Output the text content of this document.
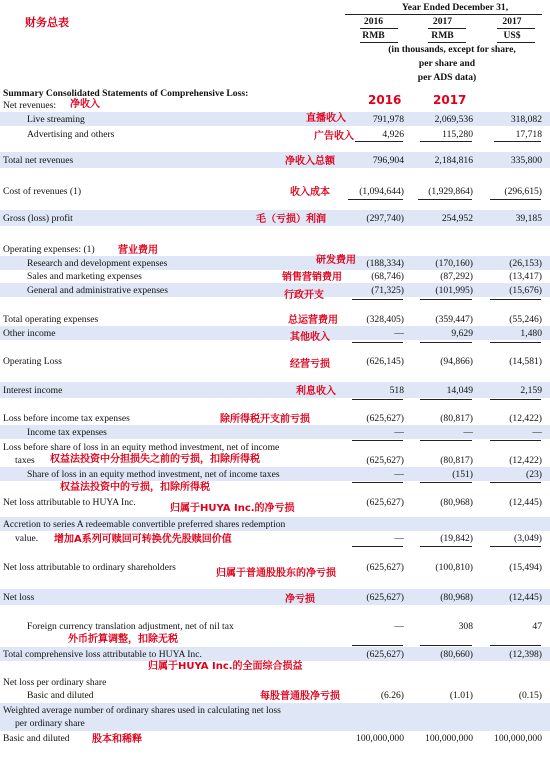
财务总表
Year Ended December 31,
2016	2017	2017
RMB	RMB	US$
(in thousands, except for share,
per share and
per ADS data)
Summary Consolidated Statements of Comprehensive Loss:
Net revenues: 净收入	2016	2017
Live streaming	直播收入	791,978	2,069,536	318,082
Advertising and others	广告收入	4,926	115,280	17,718
Total net revenues	净收入总额	796,904	2,184,816	335,800
Cost of revenues (1)	收入成本	(1,094,644)	(1,929,864)	(296,615)
Gross (loss) profit	毛（亏损）利润	(297,740)	254,952	39,185
Operating expenses: (1) 营业费用
Research and development expenses	研发费用	(188,334)	(170,160)	(26,153)
Sales and marketing expenses	销售营销费用	(68,746)	(87,292)	(13,417)
General and administrative expenses	行政开支	(71,325)	(101,995)	(15,676)
Total operating expenses	总运营费用	(328,405)	(359,447)	(55,246)
Other income	其他收入	—	9,629	1,480
Operating Loss	经营亏损	(626,145)	(94,866)	(14,581)
Interest income	利息收入	518	14,049	2,159
Loss before income tax expenses	除所得税开支前亏损	(625,627)	(80,817)	(12,422)
Income tax expenses	—	—	—
Loss before share of loss in an equity method investment, net of income
taxes 权益法投资中分担损失之前的亏损，扣除所得税	(625,627)	(80,817)	(12,422)
Share of loss in an equity method investment, net of income taxes
权益法投资中的亏损，扣除所得税
—	(151)	(23)
Net loss attributable to HUYA Inc.
归属于HUYA Inc.的净亏损
(625,627)	(80,968)	(12,445)
Accretion to series A redeemable convertible preferred shares redemption
value. 增加A系列可赎回可转换优先股赎回价值	—	(19,842)	(3,049)
Net loss attributable to ordinary shareholders
归属于普通股股东的净亏损
(625,627)	(100,810)	(15,494)
Net loss	净亏损	(625,627)	(80,968)	(12,445)
Foreign currency translation adjustment, net of nil tax
外币折算调整，扣除无税
—	308	47
Total comprehensive loss attributable to HUYA Inc.
归属于HUYA Inc.的全面综合损益
(625,627)	(80,660)	(12,398)
Net loss per ordinary share
Basic and diluted	每股普通股净亏损	(6.26)	(1.01)	(0.15)
Weighted average number of ordinary shares used in calculating net loss
per ordinary share
Basic and diluted 股本和稀释	100,000,000	100,000,000	100,000,000
